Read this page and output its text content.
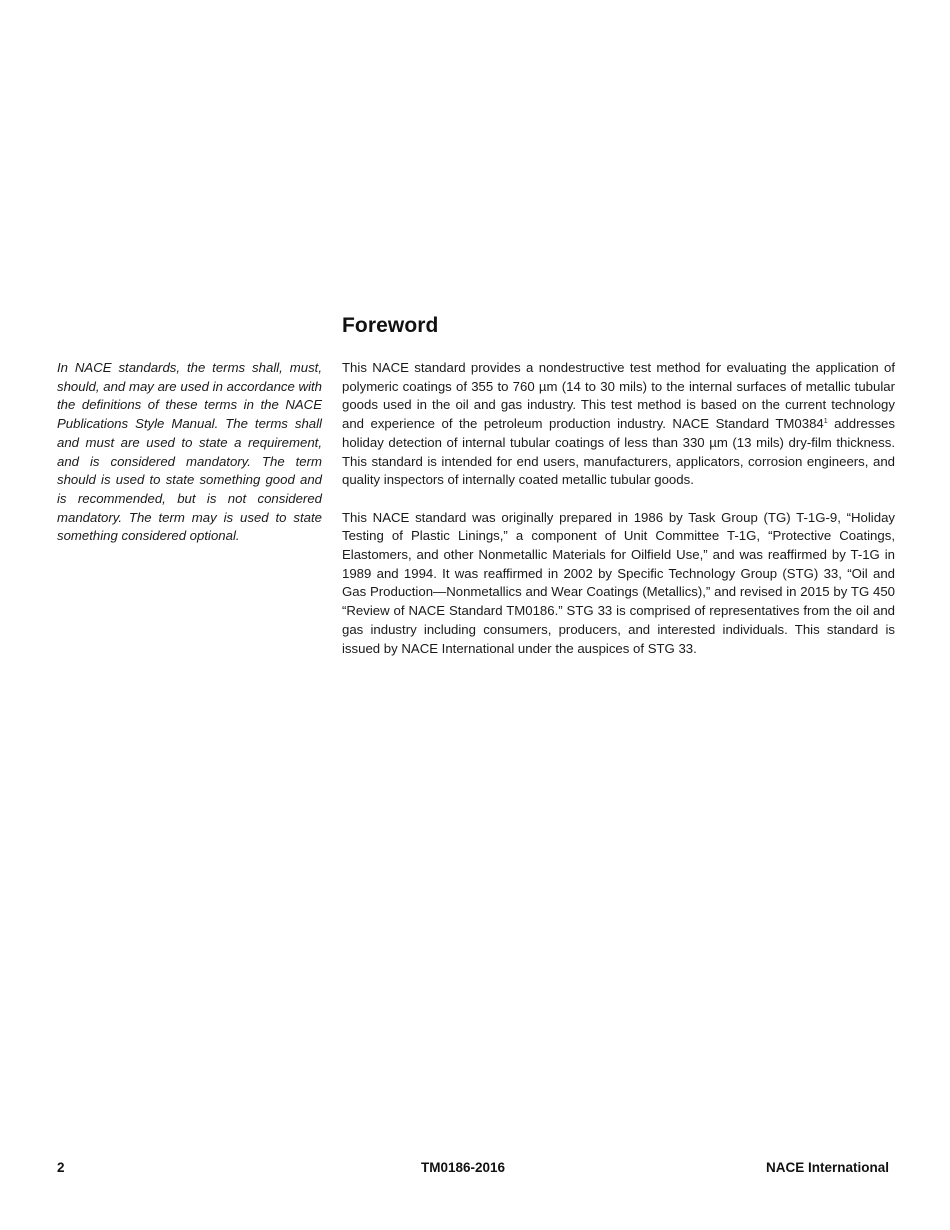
Foreword

In NACE standards, the terms shall, must, should, and may are used in accordance with the definitions of these terms in the NACE Publications Style Manual. The terms shall and must are used to state a requirement, and is considered mandatory. The term should is used to state something good and is recommended, but is not considered mandatory. The term may is used to state something considered optional.

This NACE standard provides a nondestructive test method for evaluating the application of polymeric coatings of 355 to 760 µm (14 to 30 mils) to the internal surfaces of metallic tubular goods used in the oil and gas industry. This test method is based on the current technology and experience of the petroleum production industry. NACE Standard TM0384$^1$ addresses holiday detection of internal tubular coatings of less than 330 µm (13 mils) dry-film thickness. This standard is intended for end users, manufacturers, applicators, corrosion engineers, and quality inspectors of internally coated metallic tubular goods.

This NACE standard was originally prepared in 1986 by Task Group (TG) T-1G-9, “Holiday Testing of Plastic Linings,” a component of Unit Committee T-1G, “Protective Coatings, Elastomers, and other Nonmetallic Materials for Oilfield Use,” and was reaffirmed by T-1G in 1989 and 1994. It was reaffirmed in 2002 by Specific Technology Group (STG) 33, “Oil and Gas Production—Nonmetallics and Wear Coatings (Metallics),” and revised in 2015 by TG 450 “Review of NACE Standard TM0186.” STG 33 is comprised of representatives from the oil and gas industry including consumers, producers, and interested individuals. This standard is issued by NACE International under the auspices of STG 33.

2	TM0186-2016	NACE International
